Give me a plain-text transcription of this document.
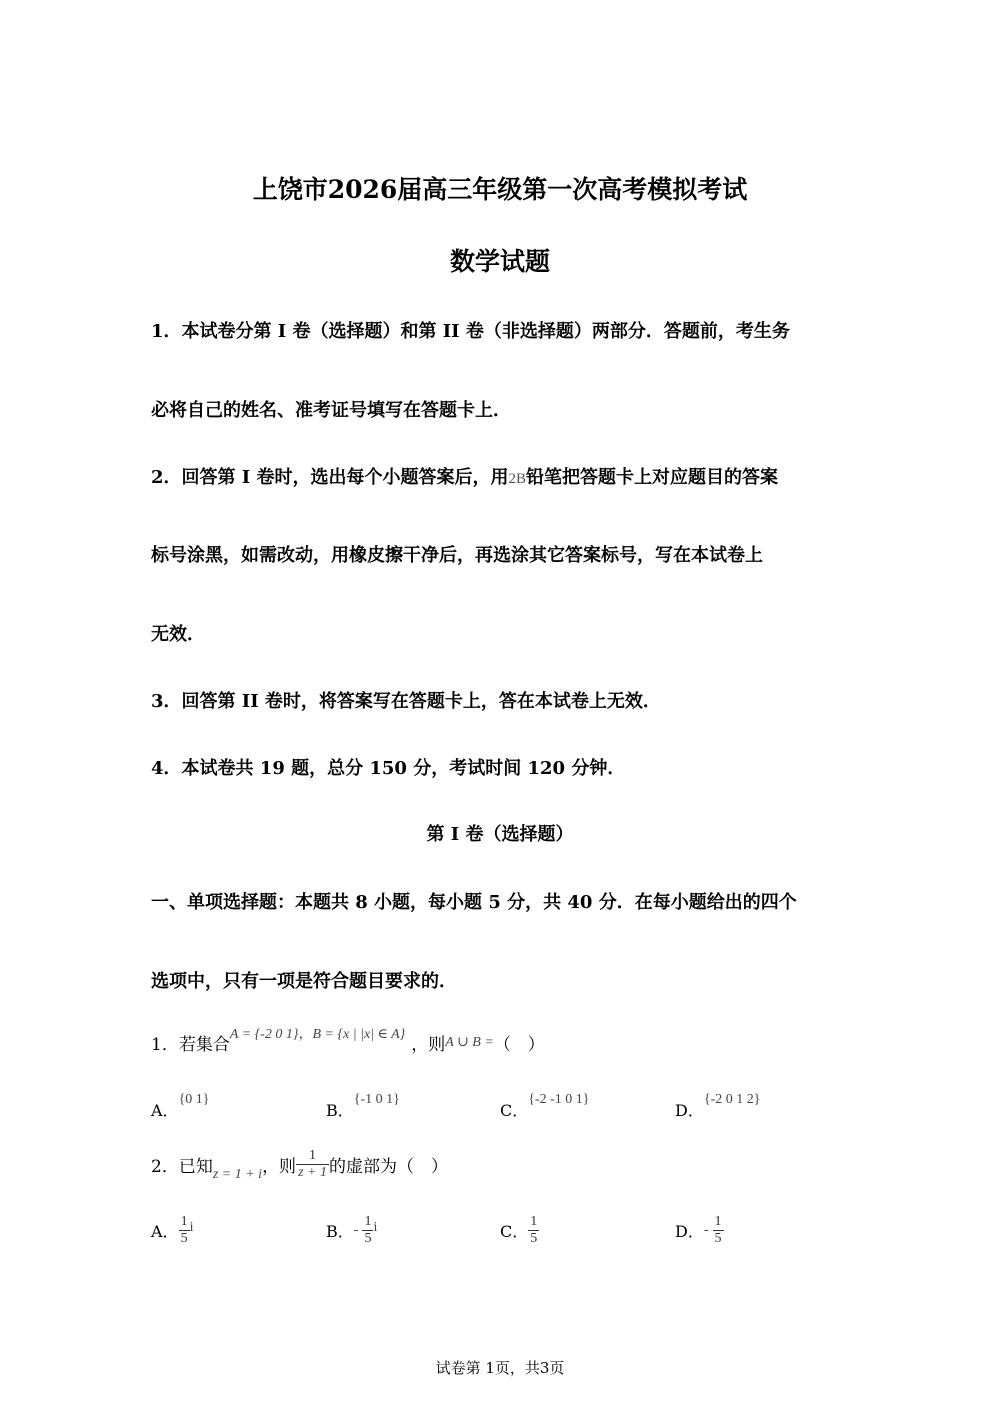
上饶市2026届高三年级第一次高考模拟考试
数学试题
1．本试卷分第 I 卷（选择题）和第 II 卷（非选择题）两部分．答题前，考生务
必将自己的姓名、准考证号填写在答题卡上．
2．回答第 I 卷时，选出每个小题答案后，用2B铅笔把答题卡上对应题目的答案
标号涂黑，如需改动，用橡皮擦干净后，再选涂其它答案标号，写在本试卷上
无效．
3．回答第 II 卷时，将答案写在答题卡上，答在本试卷上无效．
4．本试卷共 19 题，总分 150 分，考试时间 120 分钟．
第 I 卷（选择题）
一、单项选择题：本题共 8 小题，每小题 5 分，共 40 分．在每小题给出的四个
选项中，只有一项是符合题目要求的．
1．若集合$^{A = \{-2 0 1\},B = \{x | |x| \in A\}}$，则$^{A \cup B =}$（　）
A．{0 1}
B．{-1 0 1}
C．{-2 -1 0 1}
D．{-2 0 1 2}
2．已知$_{z = 1 + i}$，则 $\frac{1}{z + 1}$ 的虚部为（　）
A． $\frac{1}{5}$ i	B．- $\frac{1}{5}$ i	C． $\frac{1}{5}$	D．- $\frac{1}{5}$
试卷第 1页，共3页
